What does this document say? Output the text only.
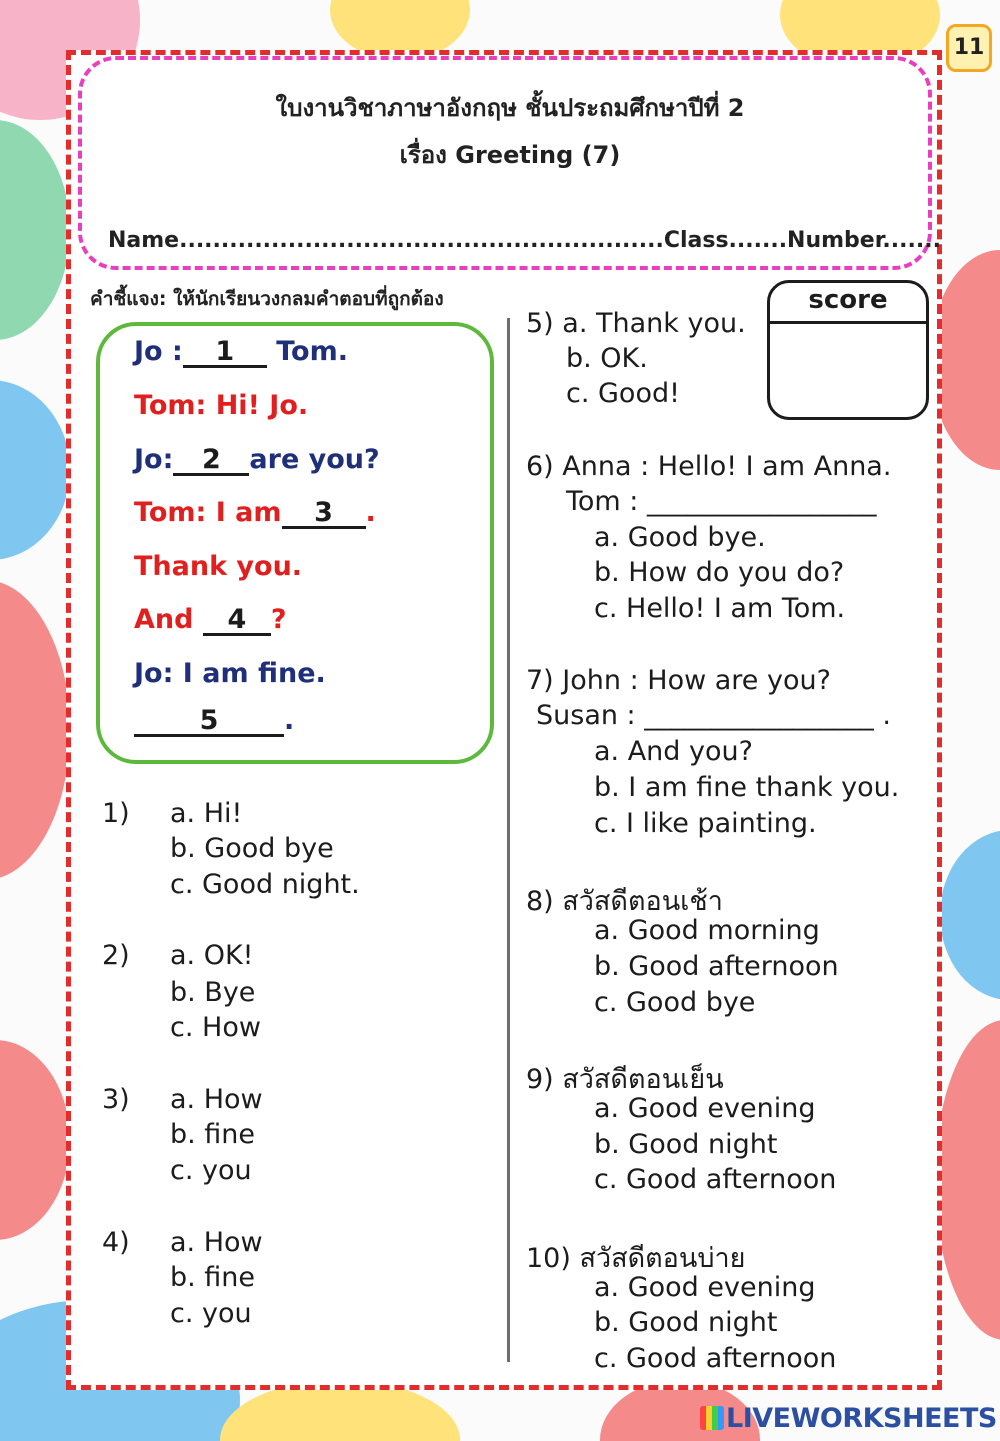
11
ใบงานวิชาภาษาอังกฤษ ชั้นประถมศึกษาปีที่ 2
เรื่อง Greeting (7)
Name..........................................................Class.......Number.......
คำชี้แจง: ให้นักเรียนวงกลมคำตอบที่ถูกต้อง
Jo : 1 Tom.
Tom: Hi! Jo.
Jo: 2 are you?
Tom: I am 3 .
Thank you.
And 4 ?
Jo: I am fine.
5 .
1) a. Hi!
b. Good bye
c. Good night.
2) a. OK!
b. Bye
c. How
3) a. How
b. fine
c. you
4) a. How
b. fine
c. you
score
5) a. Thank you.
b. OK.
c. Good!
6) Anna : Hello! I am Anna.
Tom : _________________
a. Good bye.
b. How do you do?
c. Hello! I am Tom.
7) John : How are you?
Susan : _________________ .
a. And you?
b. I am fine thank you.
c. I like painting.
8) สวัสดีตอนเช้า
a. Good morning
b. Good afternoon
c. Good bye
9) สวัสดีตอนเย็น
a. Good evening
b. Good night
c. Good afternoon
10) สวัสดีตอนบ่าย
a. Good evening
b. Good night
c. Good afternoon
LIVEWORKSHEETS
